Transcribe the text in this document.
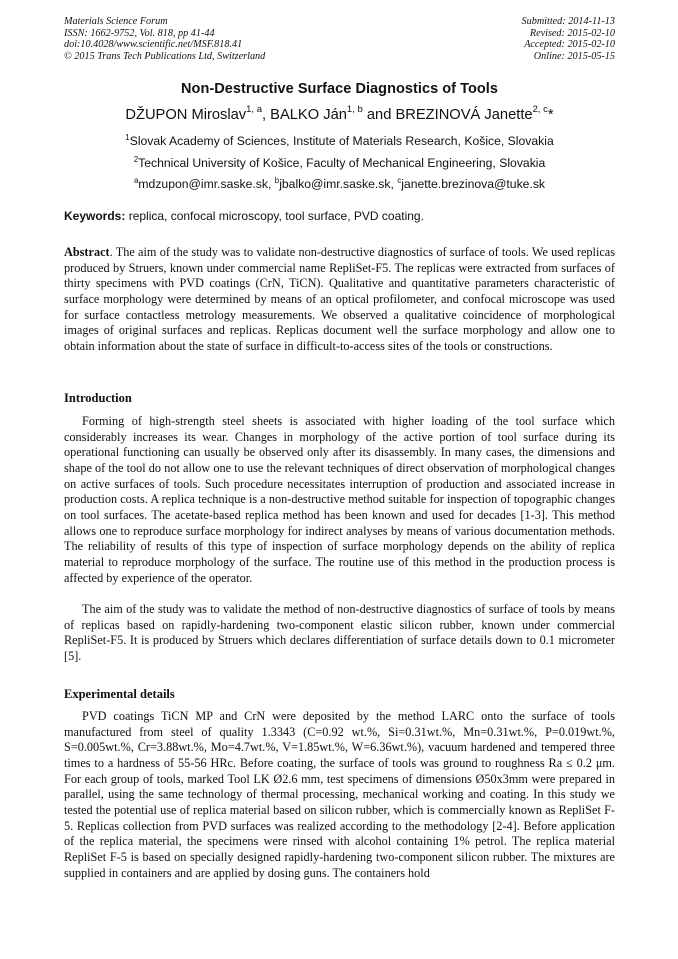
Materials Science Forum
ISSN: 1662-9752, Vol. 818, pp 41-44
doi:10.4028/www.scientific.net/MSF.818.41
© 2015 Trans Tech Publications Ltd, Switzerland
Submitted: 2014-11-13
Revised: 2015-02-10
Accepted: 2015-02-10
Online: 2015-05-15
Non-Destructive Surface Diagnostics of Tools
DŽUPON Miroslav$^{1, a}$, BALKO Ján$^{1, b}$ and BREZINOVÁ Janette$^{2, c}$*
$^1$Slovak Academy of Sciences, Institute of Materials Research, Košice, Slovakia
$^2$Technical University of Košice, Faculty of Mechanical Engineering, Slovakia
$^a$mdzupon@imr.saske.sk, $^b$jbalko@imr.saske.sk, $^c$janette.brezinova@tuke.sk
Keywords: replica, confocal microscopy, tool surface, PVD coating.
Abstract. The aim of the study was to validate non-destructive diagnostics of surface of tools. We used replicas produced by Struers, known under commercial name RepliSet-F5. The replicas were extracted from surfaces of thirty specimens with PVD coatings (CrN, TiCN). Qualitative and quantitative parameters characteristic of surface morphology were determined by means of an optical profilometer, and confocal microscope was used for surface contactless metrology measurements. We observed a qualitative coincidence of morphological images of original surfaces and replicas. Replicas document well the surface morphology and allow one to obtain information about the state of surface in difficult-to-access sites of the tools or constructions.
Introduction
Forming of high-strength steel sheets is associated with higher loading of the tool surface which considerably increases its wear. Changes in morphology of the active portion of tool surface during its operational functioning can usually be observed only after its disassembly. In many cases, the dimensions and shape of the tool do not allow one to use the relevant techniques of direct observation of morphological changes on active surfaces of tools. Such procedure necessitates interruption of production and associated increase in production costs. A replica technique is a non-destructive method suitable for inspection of topographic changes on tool surfaces. The acetate-based replica method has been known and used for decades [1-3]. This method allows one to reproduce surface morphology for indirect analyses by means of various documentation methods. The reliability of results of this type of inspection of surface morphology depends on the ability of replica material to reproduce morphology of the surface. The routine use of this method in the production process is affected by experience of the operator.
The aim of the study was to validate the method of non-destructive diagnostics of surface of tools by means of replicas based on rapidly-hardening two-component elastic silicon rubber, known under commercial RepliSet-F5. It is produced by Struers which declares differentiation of surface details down to 0.1 micrometer [5].
Experimental details
PVD coatings TiCN MP and CrN were deposited by the method LARC onto the surface of tools manufactured from steel of quality 1.3343 (C=0.92 wt.%, Si=0.31wt.%, Mn=0.31wt.%, P=0.019wt.%, S=0.005wt.%, Cr=3.88wt.%, Mo=4.7wt.%, V=1.85wt.%, W=6.36wt.%), vacuum hardened and tempered three times to a hardness of 55-56 HRc. Before coating, the surface of tools was ground to roughness Ra ≤ 0.2 μm. For each group of tools, marked Tool LK Ø2.6 mm, test specimens of dimensions Ø50x3mm were prepared in parallel, using the same technology of thermal processing, mechanical working and coating. In this study we tested the potential use of replica material based on silicon rubber, which is commercially known as RepliSet F-5. Replicas collection from PVD surfaces was realized according to the methodology [2-4]. Before application of the replica material, the specimens were rinsed with alcohol containing 1% petrol. The replica material RepliSet F-5 is based on specially designed rapidly-hardening two-component silicon rubber. The mixtures are supplied in containers and are applied by dosing guns. The containers hold
